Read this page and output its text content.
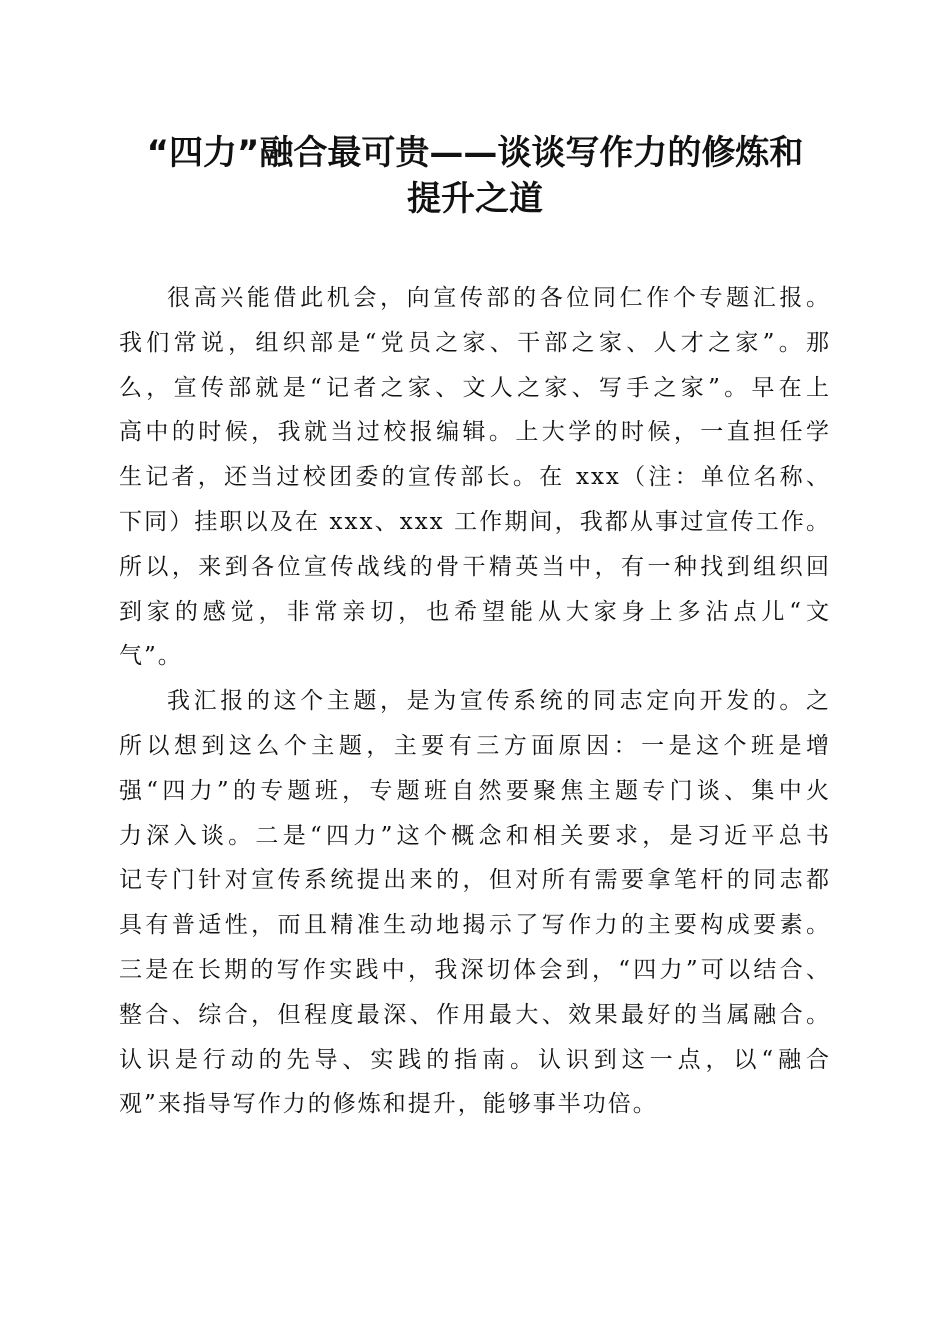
“四力”融合最可贵——谈谈写作力的修炼和
提升之道
很高兴能借此机会，向宣传部的各位同仁作个专题汇报。
我们常说，组织部是“党员之家、干部之家、人才之家”。那
么，宣传部就是“记者之家、文人之家、写手之家”。早在上
高中的时候，我就当过校报编辑。上大学的时候，一直担任学
生记者，还当过校团委的宣传部长。在 xxx（注：单位名称、
下同）挂职以及在 xxx、xxx 工作期间，我都从事过宣传工作。
所以，来到各位宣传战线的骨干精英当中，有一种找到组织回
到家的感觉，非常亲切，也希望能从大家身上多沾点儿“文
气”。
我汇报的这个主题，是为宣传系统的同志定向开发的。之
所以想到这么个主题，主要有三方面原因：一是这个班是增
强“四力”的专题班，专题班自然要聚焦主题专门谈、集中火
力深入谈。二是“四力”这个概念和相关要求，是习近平总书
记专门针对宣传系统提出来的，但对所有需要拿笔杆的同志都
具有普适性，而且精准生动地揭示了写作力的主要构成要素。
三是在长期的写作实践中，我深切体会到，“四力”可以结合、
整合、综合，但程度最深、作用最大、效果最好的当属融合。
认识是行动的先导、实践的指南。认识到这一点，以“融合
观”来指导写作力的修炼和提升，能够事半功倍。
